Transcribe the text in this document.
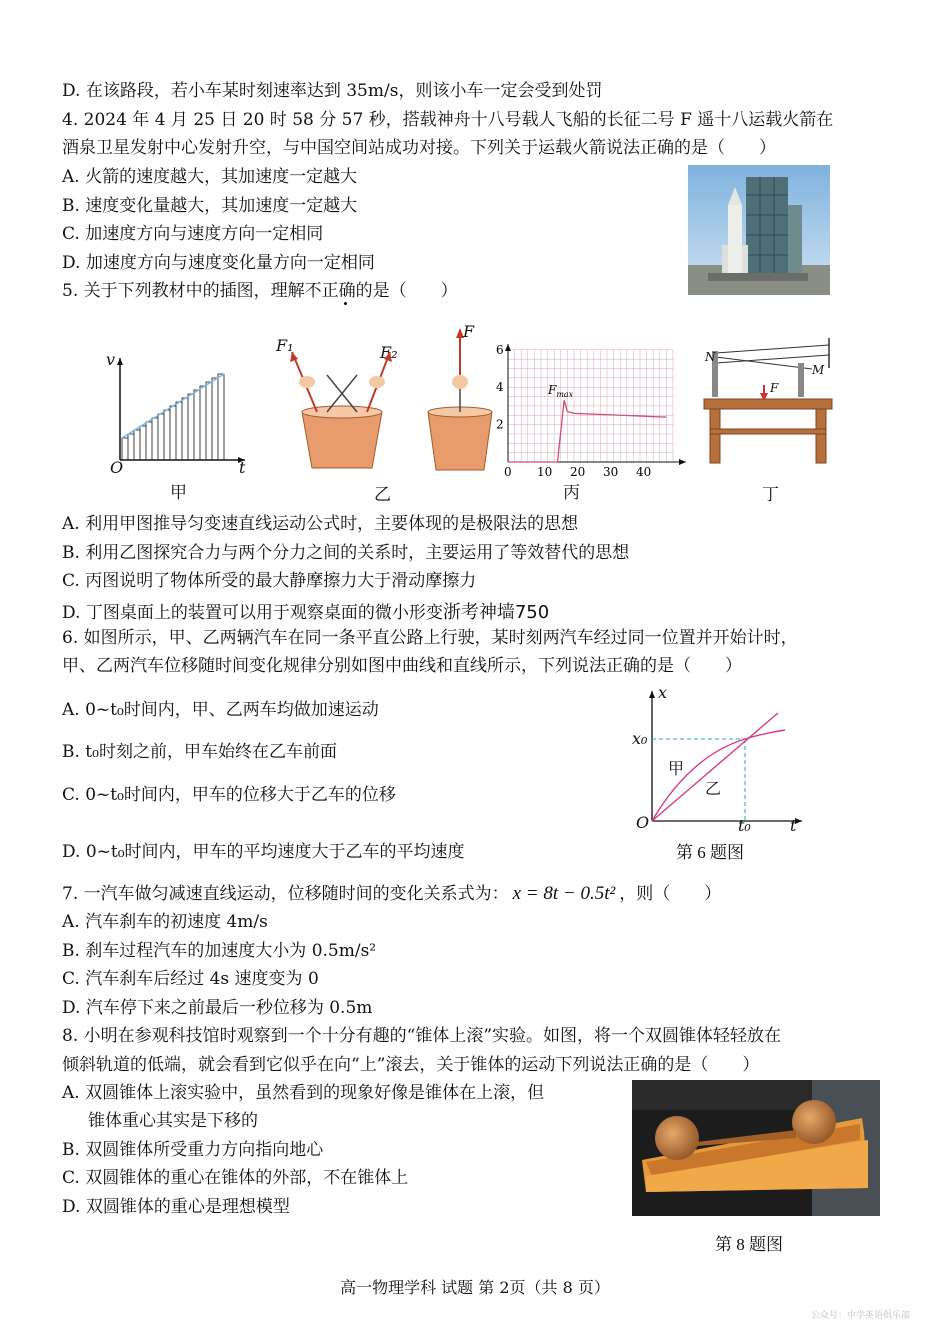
D. 在该路段，若小车某时刻速率达到 35m/s，则该小车一定会受到处罚
4. 2024 年 4 月 25 日 20 时 58 分 57 秒，搭载神舟十八号载人飞船的长征二号 F 遥十八运载火箭在
酒泉卫星发射中心发射升空，与中国空间站成功对接。下列关于运载火箭说法正确的是（　　）
A. 火箭的速度越大，其加速度一定越大
B. 速度变化量越大，其加速度一定越大
C. 加速度方向与速度方向一定相同
D. 加速度方向与速度变化量方向一定相同
5. 关于下列教材中的插图，理解不正确的是（　　）
v
t
O
甲
F₁	F₂
乙
F
0 10 20 30 40
2
4
6
$F_{max}$
丙
N
M
F
丁
A. 利用甲图推导匀变速直线运动公式时，主要体现的是极限法的思想
B. 利用乙图探究合力与两个分力之间的关系时，主要运用了等效替代的思想
C. 丙图说明了物体所受的最大静摩擦力大于滑动摩擦力
D. 丁图桌面上的装置可以用于观察桌面的微小形变浙考神墙750
6. 如图所示，甲、乙两辆汽车在同一条平直公路上行驶，某时刻两汽车经过同一位置并开始计时，
甲、乙两汽车位移随时间变化规律分别如图中曲线和直线所示，下列说法正确的是（　　）
A. 0~t₀时间内，甲、乙两车均做加速运动
B. t₀时刻之前，甲车始终在乙车前面
C. 0~t₀时间内，甲车的位移大于乙车的位移
D. 0~t₀时间内，甲车的平均速度大于乙车的平均速度
x
t
O
x₀
t₀
甲
乙
第 6 题图
7. 一汽车做匀减速直线运动，位移随时间的变化关系式为： x = 8t − 0.5t² ，则（　　）
A. 汽车刹车的初速度 4m/s
B. 刹车过程汽车的加速度大小为 0.5m/s²
C. 汽车刹车后经过 4s 速度变为 0
D. 汽车停下来之前最后一秒位移为 0.5m
8. 小明在参观科技馆时观察到一个十分有趣的“锥体上滚”实验。如图，将一个双圆锥体轻轻放在
倾斜轨道的低端，就会看到它似乎在向“上”滚去，关于锥体的运动下列说法正确的是（　　）
A. 双圆锥体上滚实验中，虽然看到的现象好像是锥体在上滚，但
锥体重心其实是下移的
B. 双圆锥体所受重力方向指向地心
C. 双圆锥体的重心在锥体的外部，不在锥体上
D. 双圆锥体的重心是理想模型
第 8 题图
高一物理学科 试题 第 2页（共 8 页）
公众号：中学英语俱乐部
